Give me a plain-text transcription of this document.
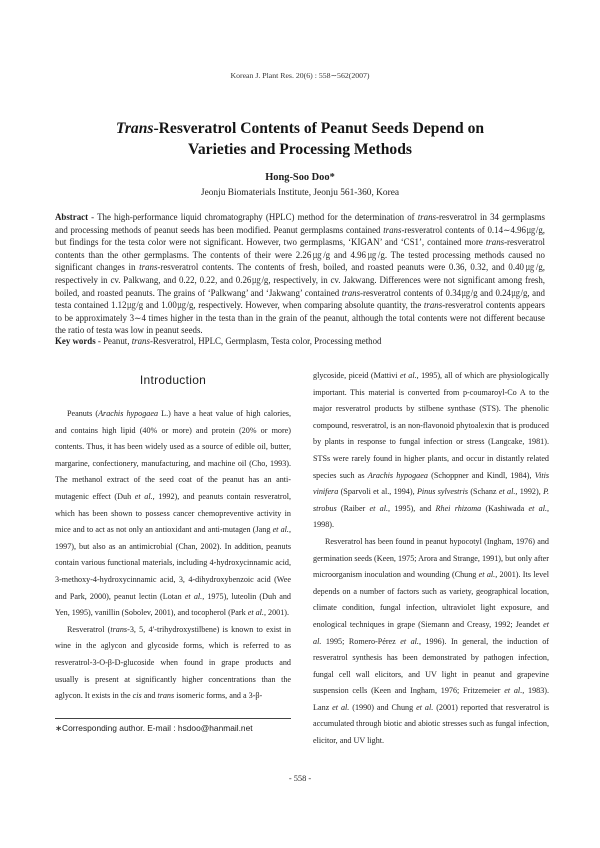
Korean J. Plant Res. 20(6) : 558∼562(2007)
Trans-Resveratrol Contents of Peanut Seeds Depend on
Varieties and Processing Methods
Hong-Soo Doo*
Jeonju Biomaterials Institute, Jeonju 561-360, Korea

Abstract - The high-performance liquid chromatography (HPLC) method for the determination of trans-resveratrol in 34 germplasms and processing methods of peanut seeds has been modified. Peanut germplasms contained trans-resveratrol contents of 0.14∼4.96㎍/g, but findings for the testa color were not significant. However, two germplasms, ‘KIGAN’ and ‘CS1’, contained more trans-resveratrol contents than the other germplasms. The contents of their were 2.26㎍/g and 4.96㎍/g. The tested processing methods caused no significant changes in trans-resveratrol contents. The contents of fresh, boiled, and roasted peanuts were 0.36, 0.32, and 0.40㎍/g, respectively in cv. Palkwang, and 0.22, 0.22, and 0.26㎍/g, respectively, in cv. Jakwang. Differences were not significant among fresh, boiled, and roasted peanuts. The grains of ‘Palkwang’ and ‘Jakwang’ contained trans-resveratrol contents of 0.34㎍/g and 0.24㎍/g, and testa contained 1.12㎍/g and 1.00㎍/g, respectively. However, when comparing absolute quantity, the trans-resveratrol contents appears to be approximately 3∼4 times higher in the testa than in the grain of the peanut, although the total contents were not different because the ratio of testa was low in peanut seeds.

Key words - Peanut, trans-Resveratrol, HPLC, Germplasm, Testa color, Processing method

Introduction

Peanuts (Arachis hypogaea L.) have a heat value of high calories, and contains high lipid (40% or more) and protein (20% or more) contents. Thus, it has been widely used as a source of edible oil, butter, margarine, confectionery, manufacturing, and machine oil (Cho, 1993). The methanol extract of the seed coat of the peanut has an anti-mutagenic effect (Duh et al., 1992), and peanuts contain resveratrol, which has been shown to possess cancer chemopreventive activity in mice and to act as not only an antioxidant and anti-mutagen (Jang et al., 1997), but also as an antimicrobial (Chan, 2002). In addition, peanuts contain various functional materials, including 4-hydroxycinnamic acid, 3-methoxy-4-hydroxycinnamic acid, 3, 4-dihydroxybenzoic acid (Wee and Park, 2000), peanut lectin (Lotan et al., 1975), luteolin (Duh and Yen, 1995), vanillin (Sobolev, 2001), and tocopherol (Park et al., 2001).

Resveratrol (trans-3, 5, 4′-trihydroxystilbene) is known to exist in wine in the aglycon and glycoside forms, which is referred to as resveratrol-3-O-β-D-glucoside when found in grape products and usually is present at significantly higher concentrations than the aglycon. It exists in the cis and trans isomeric forms, and a 3-β-

glycoside, piceid (Mattivi et al., 1995), all of which are physiologically important. This material is converted from p-coumaroyl-Co A to the major resveratrol products by stilbene synthase (STS). The phenolic compound, resveratrol, is an non-flavonoid phytoalexin that is produced by plants in response to fungal infection or stress (Langcake, 1981). STSs were rarely found in higher plants, and occur in distantly related species such as Arachis hypogaea (Schoppner and Kindl, 1984), Vitis vinifera (Sparvoli et al., 1994), Pinus sylvestris (Schanz et al., 1992), P. strobus (Raiber et al., 1995), and Rhei rhizoma (Kashiwada et al., 1998).

Resveratrol has been found in peanut hypocotyl (Ingham, 1976) and germination seeds (Keen, 1975; Arora and Strange, 1991), but only after microorganism inoculation and wounding (Chung et al., 2001). Its level depends on a number of factors such as variety, geographical location, climate condition, fungal infection, ultraviolet light exposure, and enological techniques in grape (Siemann and Creasy, 1992; Jeandet et al. 1995; Romero-Pérez et al., 1996). In general, the induction of resveratrol synthesis has been demonstrated by pathogen infection, fungal cell wall elicitors, and UV light in peanut and grapevine suspension cells (Keen and Ingham, 1976; Fritzemeier et al., 1983). Lanz et al. (1990) and Chung et al. (2001) reported that resveratrol is accumulated through biotic and abiotic stresses such as fungal infection, elicitor, and UV light.

∗Corresponding author. E-mail : hsdoo@hanmail.net
- 558 -
